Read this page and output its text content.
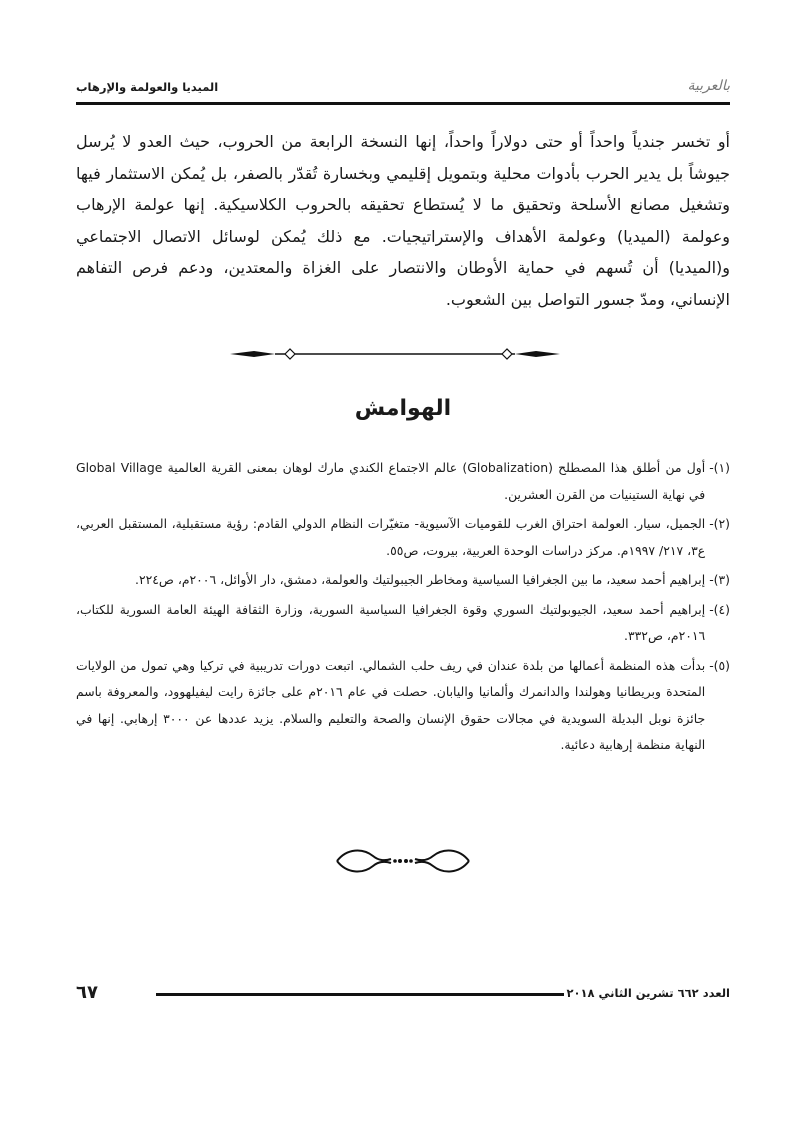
بالعربية
الميديا والعولمة والإرهاب

أو تخسر جندياً واحداً أو حتى دولاراً واحداً، إنها النسخة الرابعة من الحروب، حيث العدو لا يُرسل جيوشاً بل يدير الحرب بأدوات محلية وبتمويل إقليمي وبخسارة تُقدّر بالصفر، بل يُمكن الاستثمار فيها وتشغيل مصانع الأسلحة وتحقيق ما لا يُستطاع تحقيقه بالحروب الكلاسيكية. إنها عولمة الإرهاب وعولمة (الميديا) وعولمة الأهداف والإستراتيجيات. مع ذلك يُمكن لوسائل الاتصال الاجتماعي و(الميديا) أن تُسهم في حماية الأوطان والانتصار على الغزاة والمعتدين، ودعم فرص التفاهم الإنساني، ومدّ جسور التواصل بين الشعوب.

الهوامش
(١)-
أول من أطلق هذا المصطلح (Globalization) عالم الاجتماع الكندي مارك لوهان بمعنى القرية العالمية Global Village في نهاية الستينيات من القرن العشرين.
(٢)-
الجميل، سيار. العولمة احتراق الغرب للقوميات الآسيوية- متغيّرات النظام الدولي القادم: رؤية مستقبلية، المستقبل العربي، ع٣، ٢١٧/ ١٩٩٧م. مركز دراسات الوحدة العربية، بيروت، ص٥٥.
(٣)-
إبراهيم أحمد سعيد، ما بين الجغرافيا السياسية ومخاطر الجيبولتيك والعولمة، دمشق، دار الأوائل، ٢٠٠٦م، ص٢٢٤.
(٤)-
إبراهيم أحمد سعيد، الجيوبولتيك السوري وقوة الجغرافيا السياسية السورية، وزارة الثقافة الهيئة العامة السورية للكتاب، ٢٠١٦م، ص٣٣٢.
(٥)-
بدأت هذه المنظمة أعمالها من بلدة عندان في ريف حلب الشمالي. اتبعت دورات تدريبية في تركيا وهي تمول من الولايات المتحدة وبريطانيا وهولندا والدانمرك وألمانيا واليابان. حصلت في عام ٢٠١٦م على جائزة رايت ليفيلهوود، والمعروفة باسم جائزة نوبل البديلة السويدية في مجالات حقوق الإنسان والصحة والتعليم والسلام. يزيد عددها عن ٣٠٠٠ إرهابي. إنها في النهاية منظمة إرهابية دعائية.
العدد ٦٦٢ تشرين الثاني ٢٠١٨
٦٧
